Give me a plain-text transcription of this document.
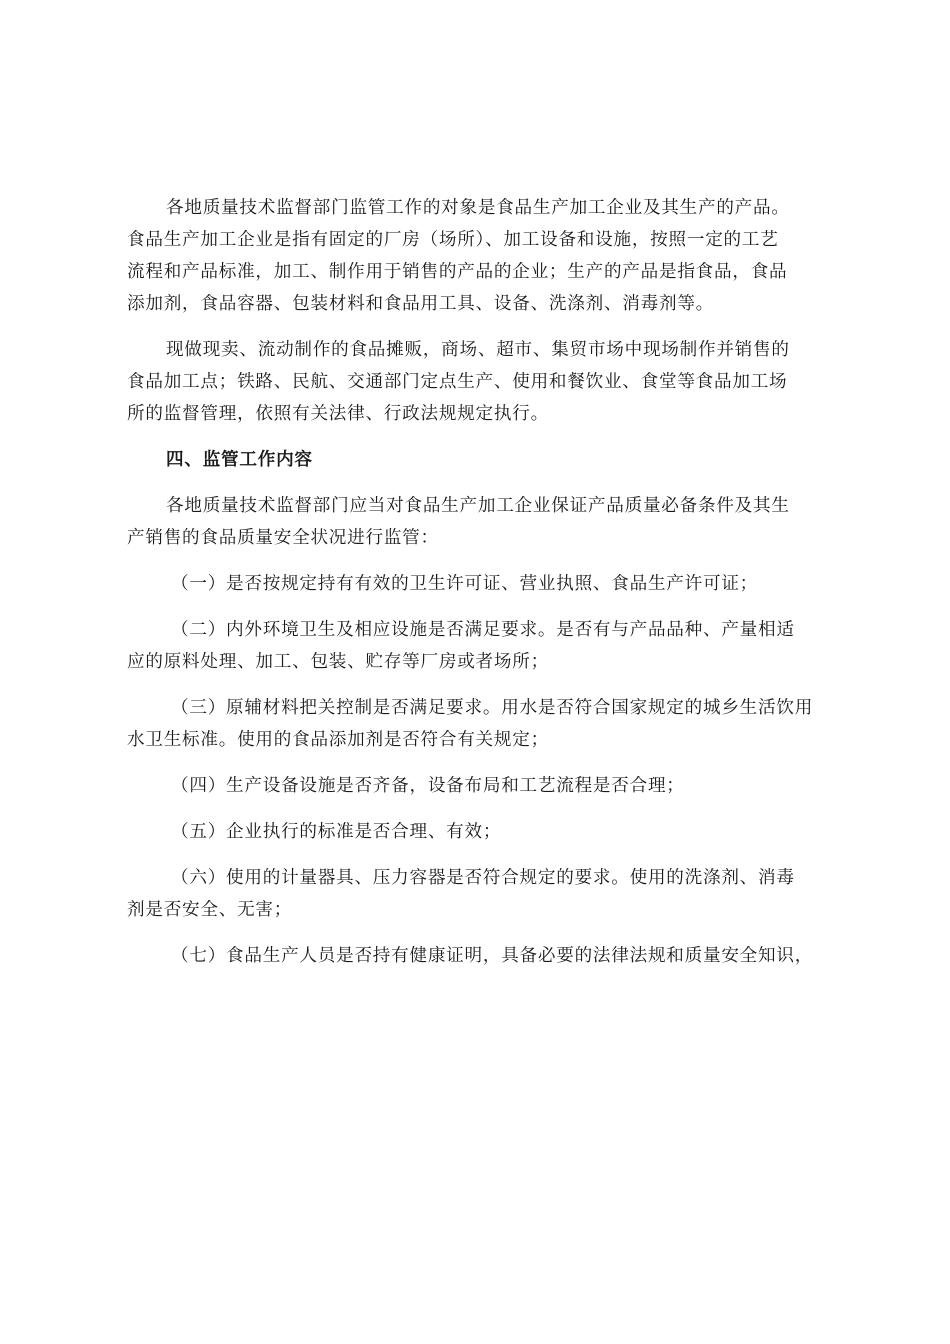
各地质量技术监督部门监管工作的对象是食品生产加工企业及其生产的产品。
食品生产加工企业是指有固定的厂房（场所）、加工设备和设施，按照一定的工艺
流程和产品标准，加工、制作用于销售的产品的企业；生产的产品是指食品，食品
添加剂，食品容器、包装材料和食品用工具、设备、洗涤剂、消毒剂等。

现做现卖、流动制作的食品摊贩，商场、超市、集贸市场中现场制作并销售的
食品加工点；铁路、民航、交通部门定点生产、使用和餐饮业、食堂等食品加工场
所的监督管理，依照有关法律、行政法规规定执行。

四、监管工作内容

各地质量技术监督部门应当对食品生产加工企业保证产品质量必备条件及其生
产销售的食品质量安全状况进行监管：

（一）是否按规定持有有效的卫生许可证、营业执照、食品生产许可证；

（二）内外环境卫生及相应设施是否满足要求。是否有与产品品种、产量相适
应的原料处理、加工、包装、贮存等厂房或者场所；

（三）原辅材料把关控制是否满足要求。用水是否符合国家规定的城乡生活饮用
水卫生标准。使用的食品添加剂是否符合有关规定；

（四）生产设备设施是否齐备，设备布局和工艺流程是否合理；

（五）企业执行的标准是否合理、有效；

（六）使用的计量器具、压力容器是否符合规定的要求。使用的洗涤剂、消毒
剂是否安全、无害；

（七）食品生产人员是否持有健康证明，具备必要的法律法规和质量安全知识，
